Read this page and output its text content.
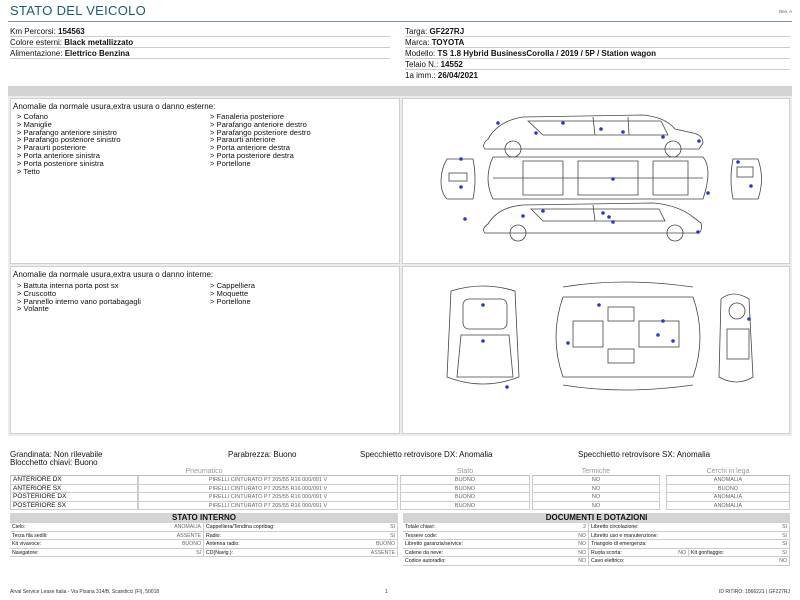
STATO DEL VEICOLO	Rev. A
Km Percorsi: 154563
Colore esterni: Black metallizzato
Alimentazione: Elettrico Benzina
Targa: GF227RJ
Marca: TOYOTA
Modello: TS 1.8 Hybrid BusinessCorolla / 2019 / 5P / Station wagon
Telaio N.: 14552
1a imm.: 26/04/2021
Anomalie da normale usura,extra usura o danno esterne:
> Cofano
> Maniglie
> Parafango anteriore sinistro
> Parafango posteriore sinistro
> Paraurti posteriore
> Porta anteriore sinistra
> Porta posteriore sinistra
> Tetto
> Fanaleria posteriore
> Parafango anteriore destro
> Parafango posteriore destro
> Paraurti anteriore
> Porta anteriore destra
> Porta posteriore destra
> Portellone
Anomalie da normale usura,extra usura o danno interne:
> Battuta interna porta post sx
> Cruscotto
> Pannello interno vano portabagagli
> Volante
> Cappelliera
> Moquette
> Portellone
Grandinata: Non rilevabile	Parabrezza: Buono	Specchietto retrovisore DX: Anomalia	Specchietto retrovisore SX: Anomalia
Blocchetto chiavi: Buono
Pneumatico	Stato	Termiche	Cerchi in lega
ANTERIORE DX	PIRELLI CINTURATO P7 205/55 R16 000/091 V	BUONO	NO	ANOMALIA
ANTERIORE SX	PIRELLI CINTURATO P7 205/55 R16 000/091 V	BUONO	NO	BUONO
POSTERIORE DX	PIRELLI CINTURATO P7 205/55 R16 000/091 V	BUONO	NO	ANOMALIA
POSTERIORE SX	PIRELLI CINTURATO P7 205/55 R16 000/091 V	BUONO	NO	ANOMALIA
STATO INTERNO
Cielo:	ANOMALIA Cappelliera/Tendina copribag:	SI
Terza fila sedili:	ASSENTE Radio:	SI
Kit vivavoce:	BUONO Antenna radio:	BUONO
Navigatore:	SI CD(Navig.):	ASSENTE
DOCUMENTI E DOTAZIONI
Totale chiavi:	2 Libretto circolazione:	SI
Tessere code:	NO Libretto uso e manutenzione:	SI
Libretto garanzia/service:	NO Triangolo di emergenza:	SI
Catene da neve:	NO Ruota scorta:	NO Kit gonfiaggio:	SI
Codice autoradio:	NO Cavo elettrico:	NO
Arval Service Lease Italia - Via Pisana 314/B, Scandicci (FI), 50018	1	ID RITIRO: 1866221 | GF227RJ
